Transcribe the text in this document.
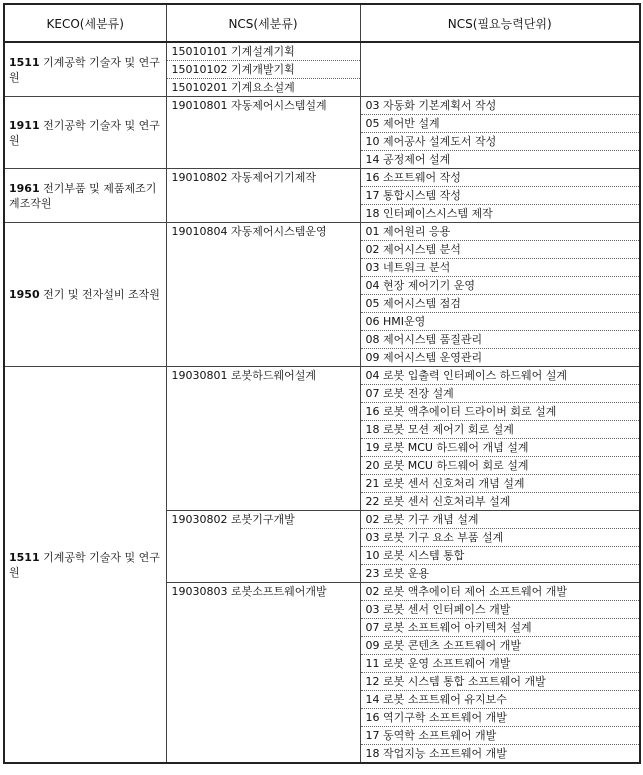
KECO(세분류)	NCS(세분류)	NCS(필요능력단위)
1511 기계공학 기술자 및 연구원	15010101 기계설계기획	
	15010102 기계개발기획	
	15010201 기계요소설계	
1911 전기공학 기술자 및 연구원	19010801 자동제어시스템설계	03 자동화 기본계획서 작성
		05 제어반 설계
		10 제어공사 설계도서 작성
		14 공정제어 설계
1961 전기부품 및 제품제조기계조작원	19010802 자동제어기기제작	16 소프트웨어 작성
		17 통합시스템 작성
		18 인터페이스시스템 제작
1950 전기 및 전자설비 조작원	19010804 자동제어시스템운영	01 제어원리 응용
		02 제어시스템 분석
		03 네트워크 분석
		04 현장 제어기기 운영
		05 제어시스템 점검
		06 HMI운영
		08 제어시스템 품질관리
		09 제어시스템 운영관리
1511 기계공학 기술자 및 연구원	19030801 로봇하드웨어설계	04 로봇 입출력 인터페이스 하드웨어 설계
		07 로봇 전장 설계
		16 로봇 액추에이터 드라이버 회로 설계
		18 로봇 모션 제어기 회로 설계
		19 로봇 MCU 하드웨어 개념 설계
		20 로봇 MCU 하드웨어 회로 설계
		21 로봇 센서 신호처리 개념 설계
		22 로봇 센서 신호처리부 설계
	19030802 로봇기구개발	02 로봇 기구 개념 설계
		03 로봇 기구 요소 부품 설계
		10 로봇 시스템 통합
		23 로봇 운용
	19030803 로봇소프트웨어개발	02 로봇 액추에이터 제어 소프트웨어 개발
		03 로봇 센서 인터페이스 개발
		07 로봇 소프트웨어 아키텍처 설계
		09 로봇 콘텐츠 소프트웨어 개발
		11 로봇 운영 소프트웨어 개발
		12 로봇 시스템 통합 소프트웨어 개발
		14 로봇 소프트웨어 유지보수
		16 역기구학 소프트웨어 개발
		17 동역학 소프트웨어 개발
		18 작업지능 소프트웨어 개발
